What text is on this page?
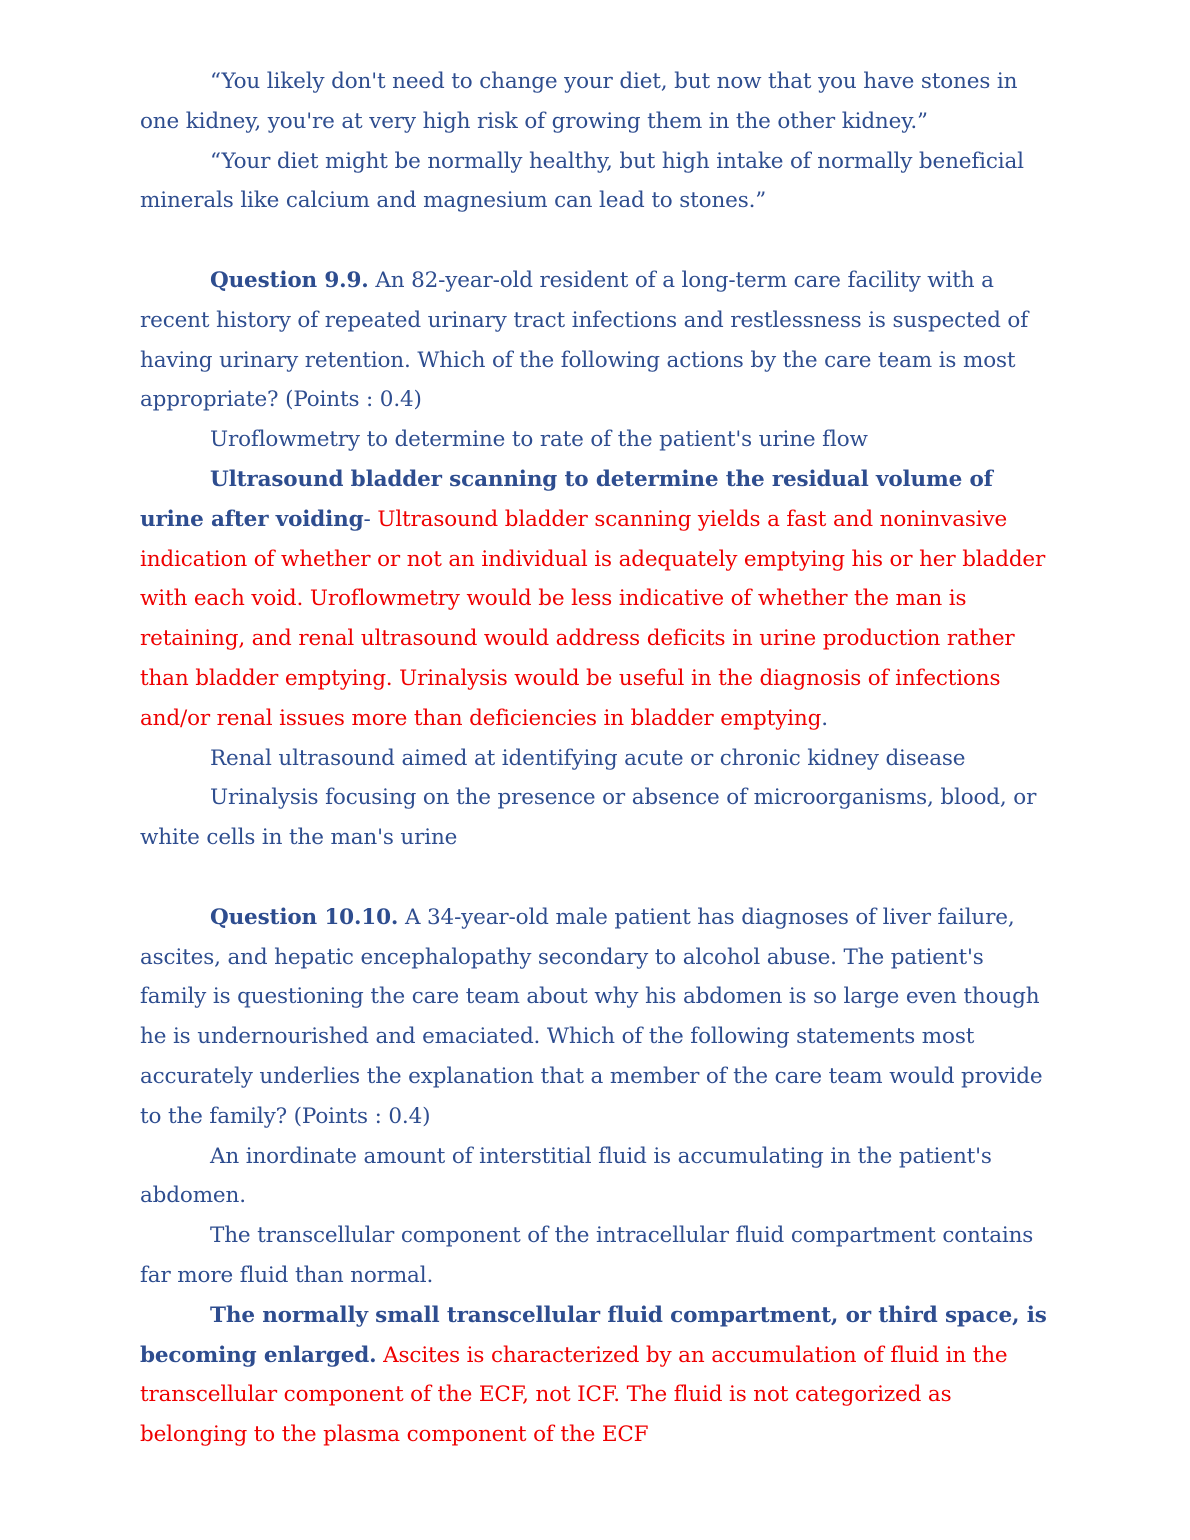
“You likely don't need to change your diet, but now that you have stones in one kidney, you're at very high risk of growing them in the other kidney.”

“Your diet might be normally healthy, but high intake of normally beneficial minerals like calcium and magnesium can lead to stones.”

Question 9.9. An 82-year-old resident of a long-term care facility with a recent history of repeated urinary tract infections and restlessness is suspected of having urinary retention. Which of the following actions by the care team is most appropriate? (Points : 0.4)

Uroflowmetry to determine to rate of the patient's urine flow

Ultrasound bladder scanning to determine the residual volume of urine after voiding- Ultrasound bladder scanning yields a fast and noninvasive indication of whether or not an individual is adequately emptying his or her bladder with each void. Uroflowmetry would be less indicative of whether the man is retaining, and renal ultrasound would address deficits in urine production rather than bladder emptying. Urinalysis would be useful in the diagnosis of infections and/or renal issues more than deficiencies in bladder emptying.

Renal ultrasound aimed at identifying acute or chronic kidney disease

Urinalysis focusing on the presence or absence of microorganisms, blood, or white cells in the man's urine

Question 10.10. A 34-year-old male patient has diagnoses of liver failure, ascites, and hepatic encephalopathy secondary to alcohol abuse. The patient's family is questioning the care team about why his abdomen is so large even though he is undernourished and emaciated. Which of the following statements most accurately underlies the explanation that a member of the care team would provide to the family? (Points : 0.4)

An inordinate amount of interstitial fluid is accumulating in the patient's abdomen.

The transcellular component of the intracellular fluid compartment contains far more fluid than normal.

The normally small transcellular fluid compartment, or third space, is becoming enlarged. Ascites is characterized by an accumulation of fluid in the transcellular component of the ECF, not ICF. The fluid is not categorized as belonging to the plasma component of the ECF
